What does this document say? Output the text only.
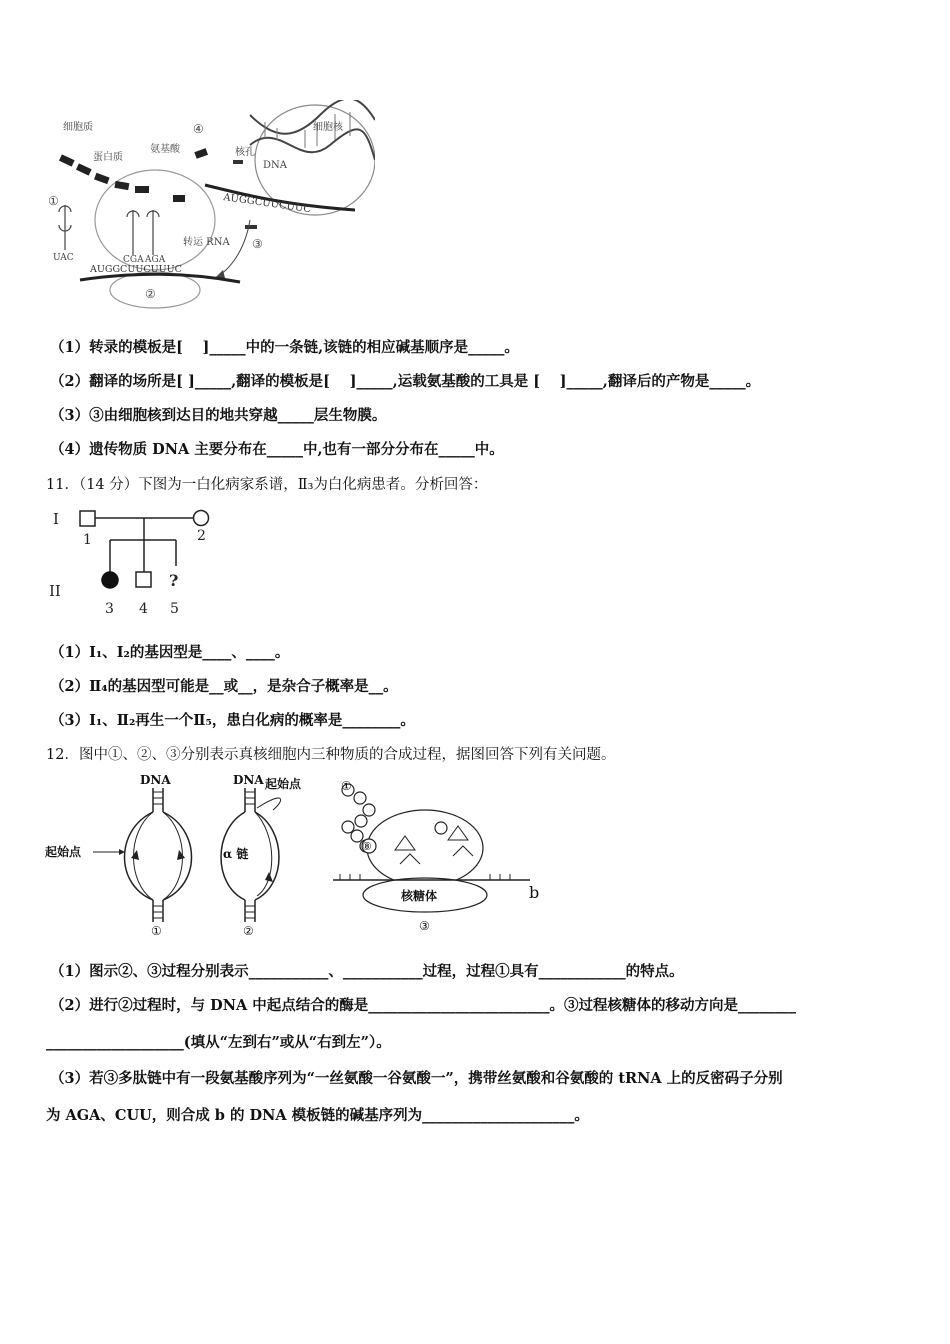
AUGGCUUCUUC
AUGGCUUCUUUC
细胞质
蛋白质
氨基酸
细胞核
核孔
DNA
转运 RNA
UAC	CGA AGA
①
②
③
④
（1）转录的模板是[　 ]_____中的一条链,该链的相应碱基顺序是_____。
（2）翻译的场所是[ ]_____,翻译的模板是[　 ]_____,运载氨基酸的工具是 [　 ]_____,翻译后的产物是_____。
（3）③由细胞核到达目的地共穿越_____层生物膜。
（4）遗传物质 DNA 主要分布在_____中,也有一部分分布在_____中。
11．（14 分）下图为一白化病家系谱，Ⅱ₃为白化病患者。分析回答：
I
II
?
1	2
3 4 5
（1）Ⅰ₁、Ⅰ₂的基因型是____、____。
（2）Ⅱ₄的基因型可能是__或__，是杂合子概率是__。
（3）Ⅰ₁、Ⅱ₂再生一个Ⅱ₅，患白化病的概率是________。
12．图中①、②、③分别表示真核细胞内三种物质的合成过程，据图回答下列有关问题。
DNA
起始点
①
DNA 起始点
α 链
②
①
核糖体
⑧
b
③
（1）图示②、③过程分别表示___________、___________过程，过程①具有____________的特点。
（2）进行②过程时，与 DNA 中起点结合的酶是_________________________。③过程核糖体的移动方向是________
___________________(填从“左到右”或从“右到左”）。
（3）若③多肽链中有一段氨基酸序列为“一丝氨酸一谷氨酸一”，携带丝氨酸和谷氨酸的 tRNA 上的反密码子分别
为 AGA、CUU，则合成 b 的 DNA 模板链的碱基序列为_____________________。
